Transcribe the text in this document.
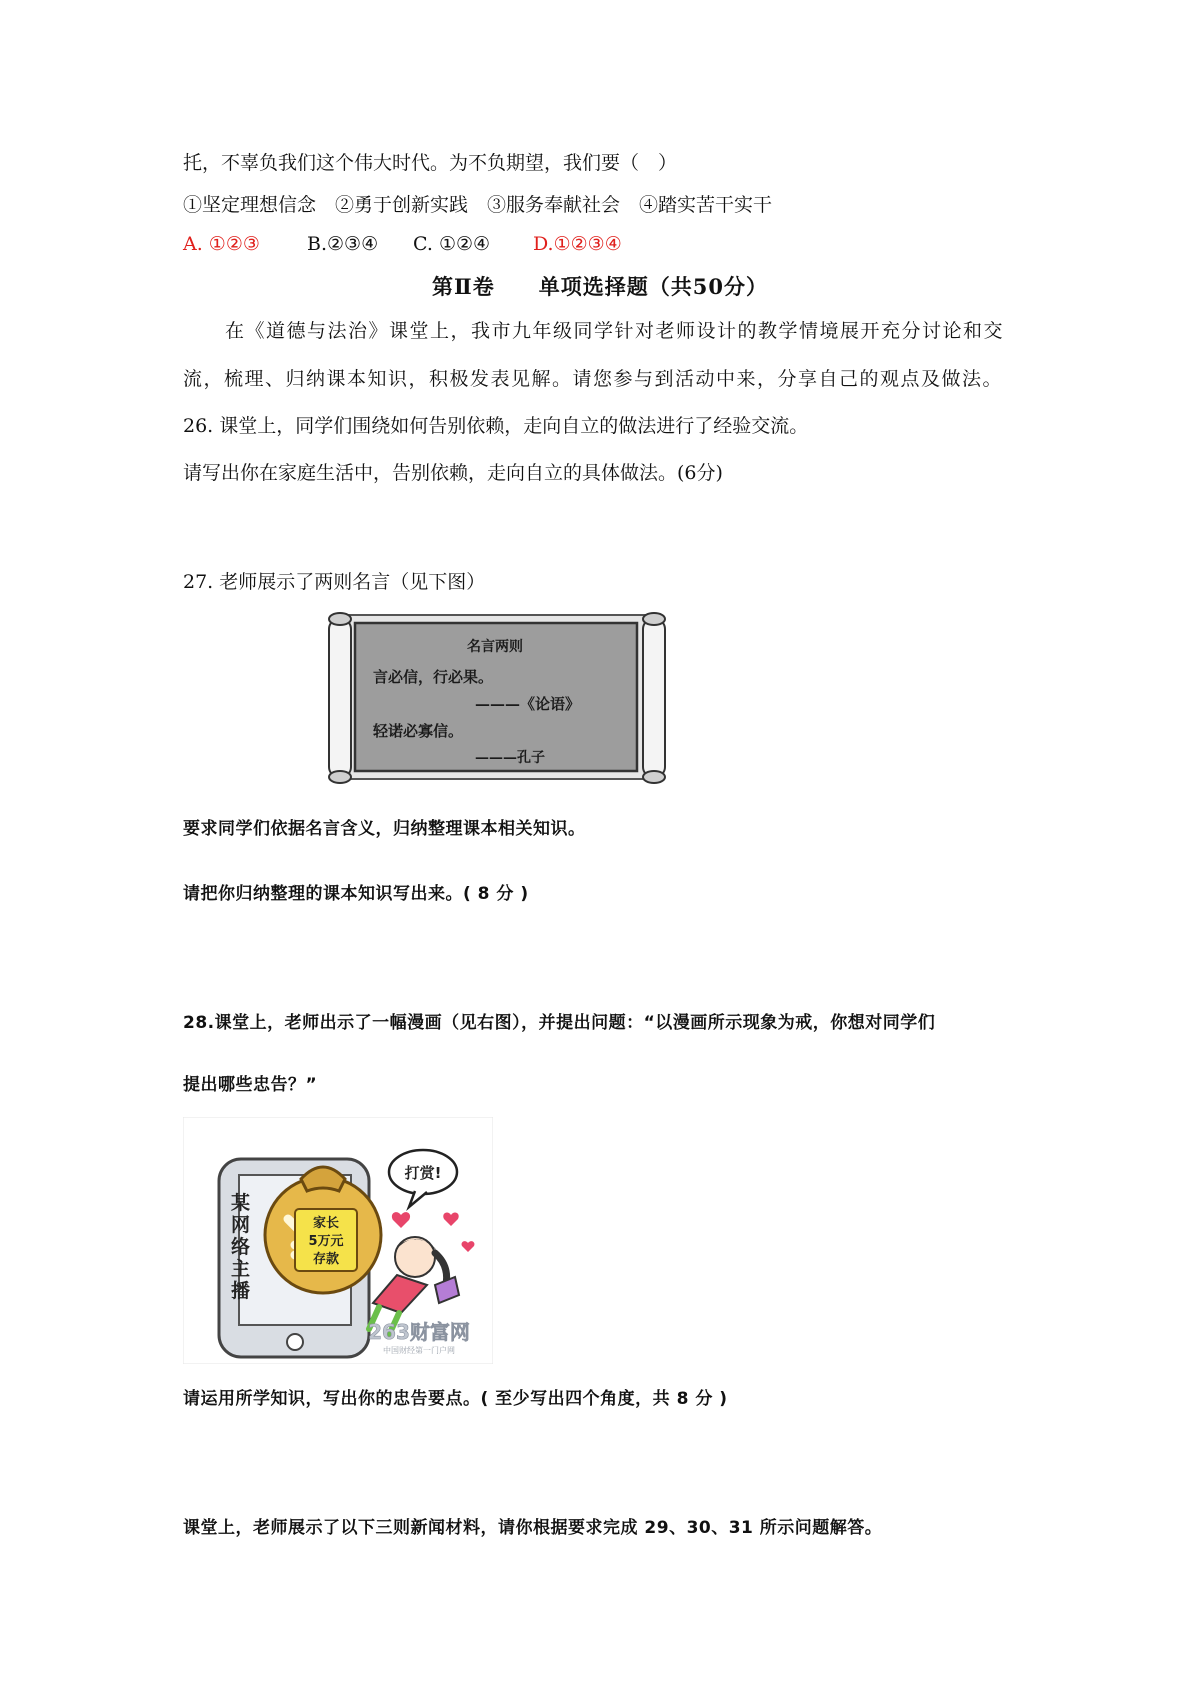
托，不辜负我们这个伟大时代。为不负期望，我们要（　）
①坚定理想信念　②勇于创新实践　③服务奉献社会　④踏实苦干实干
A. ①②③ B.②③④ C. ①②④ D.①②③④
第Ⅱ卷　　单项选择题（共50分）
在《道德与法治》课堂上，我市九年级同学针对老师设计的教学情境展开充分讨论和交
流，梳理、归纳课本知识，积极发表见解。请您参与到活动中来，分享自己的观点及做法。
26. 课堂上，同学们围绕如何告别依赖，走向自立的做法进行了经验交流。
请写出你在家庭生活中，告别依赖，走向自立的具体做法。(6分)
27. 老师展示了两则名言（见下图）
名言两则
言必信，行必果。
———《论语》
轻诺必寡信。
———孔子
要求同学们依据名言含义，归纳整理课本相关知识。
请把你归纳整理的课本知识写出来。( 8 分 )
28.课堂上，老师出示了一幅漫画（见右图），并提出问题：“以漫画所示现象为戒，你想对同学们
提出哪些忠告？”
某网络主播
家长
5万元
存款
打赏!
263财富网
中国财经第一门户网
请运用所学知识，写出你的忠告要点。( 至少写出四个角度，共 8 分 )
课堂上，老师展示了以下三则新闻材料，请你根据要求完成 29、30、31 所示问题解答。
